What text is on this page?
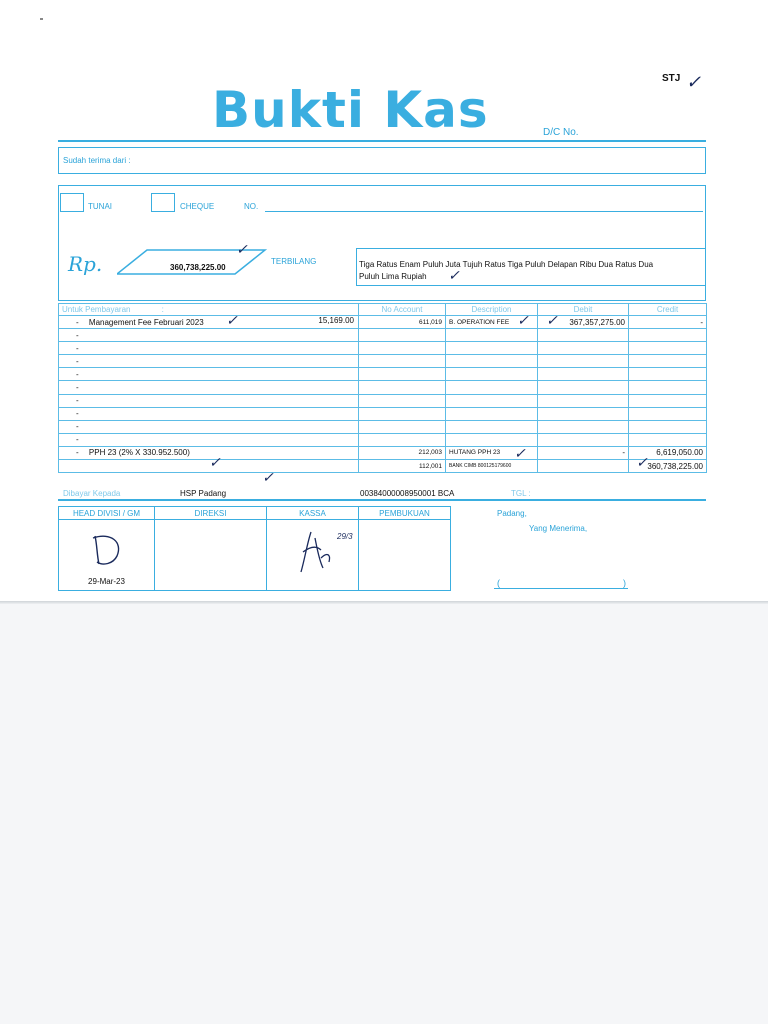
Bukti Kas
STJ ✓
D/C No.
Sudah terima dari :
TUNAI	CHEQUE	NO.
Rp.	360,738,225.00
✓
TERBILANG	Tiga Ratus Enam Puluh Juta Tujuh Ratus Tiga Puluh Delapan Ribu Dua Ratus Dua
Puluh Lima Rupiah ✓
Untuk Pembayaran :	No Account	Description	Debit	Credit
- Management Fee Februari 2023 15,169.00	611,019	B. OPERATION FEE	367,357,275.00	-
-				
-				
-				
-				
-				
-				
-				
-				
-				
- PPH 23 (2% X 330.952.500)	212,003	HUTANG PPH 23	-	6,619,050.00
	112,001	BANK CIMB 800125179600		360,738,225.00
✓	✓ ✓
✓
✓
✓
✓
Dibayar Kepada	HSP Padang	00384000008950001 BCA	TGL :
HEAD DIVISI / GM	DIREKSI	KASSA	PEMBUKUAN

29-Mar-23		29/3	

Padang,
Yang Menerima,
(	)
